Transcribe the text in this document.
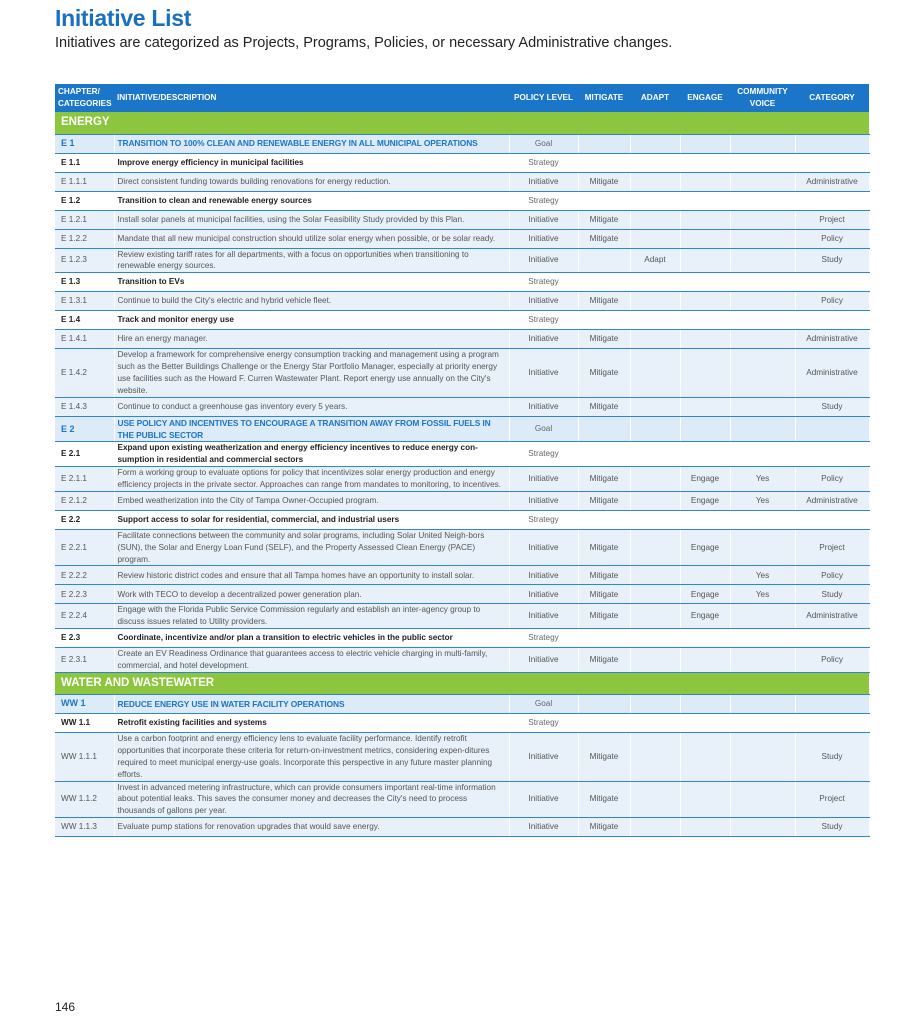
Initiative List
Initiatives are categorized as Projects, Programs, Policies, or necessary Administrative changes.
CHAPTER/ CATEGORIES	INITIATIVE/DESCRIPTION	POLICY LEVEL	MITIGATE	ADAPT	ENGAGE	COMMUNITY VOICE	CATEGORY
ENERGY							
E 1	TRANSITION TO 100% CLEAN AND RENEWABLE ENERGY IN ALL MUNICIPAL OPERATIONS	Goal					
E 1.1	Improve energy efficiency in municipal facilities	Strategy					
E 1.1.1	Direct consistent funding towards building renovations for energy reduction.	Initiative	Mitigate				Administrative
E 1.2	Transition to clean and renewable energy sources	Strategy					
E 1.2.1	Install solar panels at municipal facilities, using the Solar Feasibility Study provided by this Plan.	Initiative	Mitigate				Project
E 1.2.2	Mandate that all new municipal construction should utilize solar energy when possible, or be solar ready.	Initiative	Mitigate				Policy
E 1.2.3	Review existing tariff rates for all departments, with a focus on opportunities when transitioning to renewable energy sources.	Initiative		Adapt			Study
E 1.3	Transition to EVs	Strategy					
E 1.3.1	Continue to build the City's electric and hybrid vehicle fleet.	Initiative	Mitigate				Policy
E 1.4	Track and monitor energy use	Strategy					
E 1.4.1	Hire an energy manager.	Initiative	Mitigate				Administrative
E 1.4.2	Develop a framework for comprehensive energy consumption tracking and management using a program such as the Better Buildings Challenge or the Energy Star Portfolio Manager, especially at priority energy use facilities such as the Howard F. Curren Wastewater Plant. Report energy use annually on the City's website.	Initiative	Mitigate				Administrative
E 1.4.3	Continue to conduct a greenhouse gas inventory every 5 years.	Initiative	Mitigate				Study
E 2	USE POLICY AND INCENTIVES TO ENCOURAGE A TRANSITION AWAY FROM FOSSIL FUELS IN THE PUBLIC SECTOR	Goal					
E 2.1	Expand upon existing weatherization and energy efficiency incentives to reduce energy con-sumption in residential and commercial sectors	Strategy					
E 2.1.1	Form a working group to evaluate options for policy that incentivizes solar energy production and energy efficiency projects in the private sector. Approaches can range from mandates to monitoring, to incentives.	Initiative	Mitigate		Engage	Yes	Policy
E 2.1.2	Embed weatherization into the City of Tampa Owner-Occupied program.	Initiative	Mitigate		Engage	Yes	Administrative
E 2.2	Support access to solar for residential, commercial, and industrial users	Strategy					
E 2.2.1	Facilitate connections between the community and solar programs, including Solar United Neigh-bors (SUN), the Solar and Energy Loan Fund (SELF), and the Property Assessed Clean Energy (PACE) program.	Initiative	Mitigate		Engage		Project
E 2.2.2	Review historic district codes and ensure that all Tampa homes have an opportunity to install solar.	Initiative	Mitigate			Yes	Policy
E 2.2.3	Work with TECO to develop a decentralized power generation plan.	Initiative	Mitigate		Engage	Yes	Study
E 2.2.4	Engage with the Florida Public Service Commission regularly and establish an inter-agency group to discuss issues related to Utility providers.	Initiative	Mitigate		Engage		Administrative
E 2.3	Coordinate, incentivize and/or plan a transition to electric vehicles in the public sector	Strategy					
E 2.3.1	Create an EV Readiness Ordinance that guarantees access to electric vehicle charging in multi-family, commercial, and hotel development.	Initiative	Mitigate				Policy
WATER AND WASTEWATER							
WW 1	REDUCE ENERGY USE IN WATER FACILITY OPERATIONS	Goal					
WW 1.1	Retrofit existing facilities and systems	Strategy					
WW 1.1.1	Use a carbon footprint and energy efficiency lens to evaluate facility performance. Identify retrofit opportunities that incorporate these criteria for return-on-investment metrics, considering expen-ditures required to meet municipal energy-use goals. Incorporate this perspective in any future master planning efforts.	Initiative	Mitigate				Study
WW 1.1.2	Invest in advanced metering infrastructure, which can provide consumers important real-time information about potential leaks. This saves the consumer money and decreases the City's need to process thousands of gallons per year.	Initiative	Mitigate				Project
WW 1.1.3	Evaluate pump stations for renovation upgrades that would save energy.	Initiative	Mitigate				Study
146
